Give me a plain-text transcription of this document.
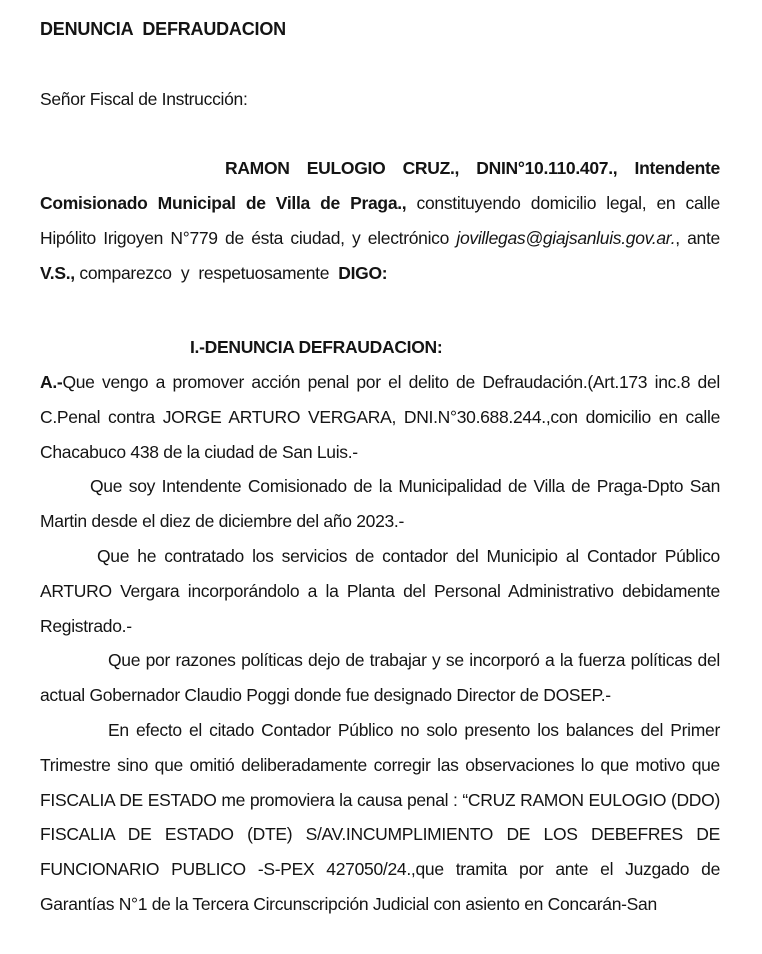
DENUNCIA  DEFRAUDACION

Señor Fiscal de Instrucción:

RAMON EULOGIO CRUZ., DNIN°10.110.407., Intendente Comisionado Municipal de Villa de Praga., constituyendo domicilio legal, en calle Hipólito Irigoyen N°779 de ésta ciudad, y electrónico jovillegas@giajsanluis.gov.ar., ante V.S., comparezco  y  respetuosamente  DIGO:

I.-DENUNCIA DEFRAUDACION:

A.-Que vengo a promover acción penal por el delito de Defraudación.(Art.173 inc.8 del C.Penal contra JORGE ARTURO VERGARA, DNI.N°30.688.244.,con domicilio en calle Chacabuco 438 de la ciudad de San Luis.-

Que soy Intendente Comisionado de la Municipalidad de Villa de Praga-Dpto San Martin desde el diez de diciembre del año 2023.-

Que he contratado los servicios de contador del Municipio al Contador Público ARTURO Vergara incorporándolo a la Planta del Personal Administrativo debidamente Registrado.-

Que por razones políticas dejo de trabajar y se incorporó a la fuerza políticas del actual Gobernador Claudio Poggi donde fue designado Director de DOSEP.-

En efecto el citado Contador Público no solo presento los balances del Primer Trimestre sino que omitió deliberadamente corregir las observaciones lo que motivo que FISCALIA DE ESTADO me promoviera la causa penal : “CRUZ RAMON EULOGIO (DDO) FISCALIA DE ESTADO (DTE) S/AV.INCUMPLIMIENTO DE LOS DEBEFRES DE FUNCIONARIO PUBLICO -S-PEX 427050/24.,que tramita por ante el Juzgado de Garantías N°1 de la Tercera Circunscripción Judicial con asiento en Concarán-San
